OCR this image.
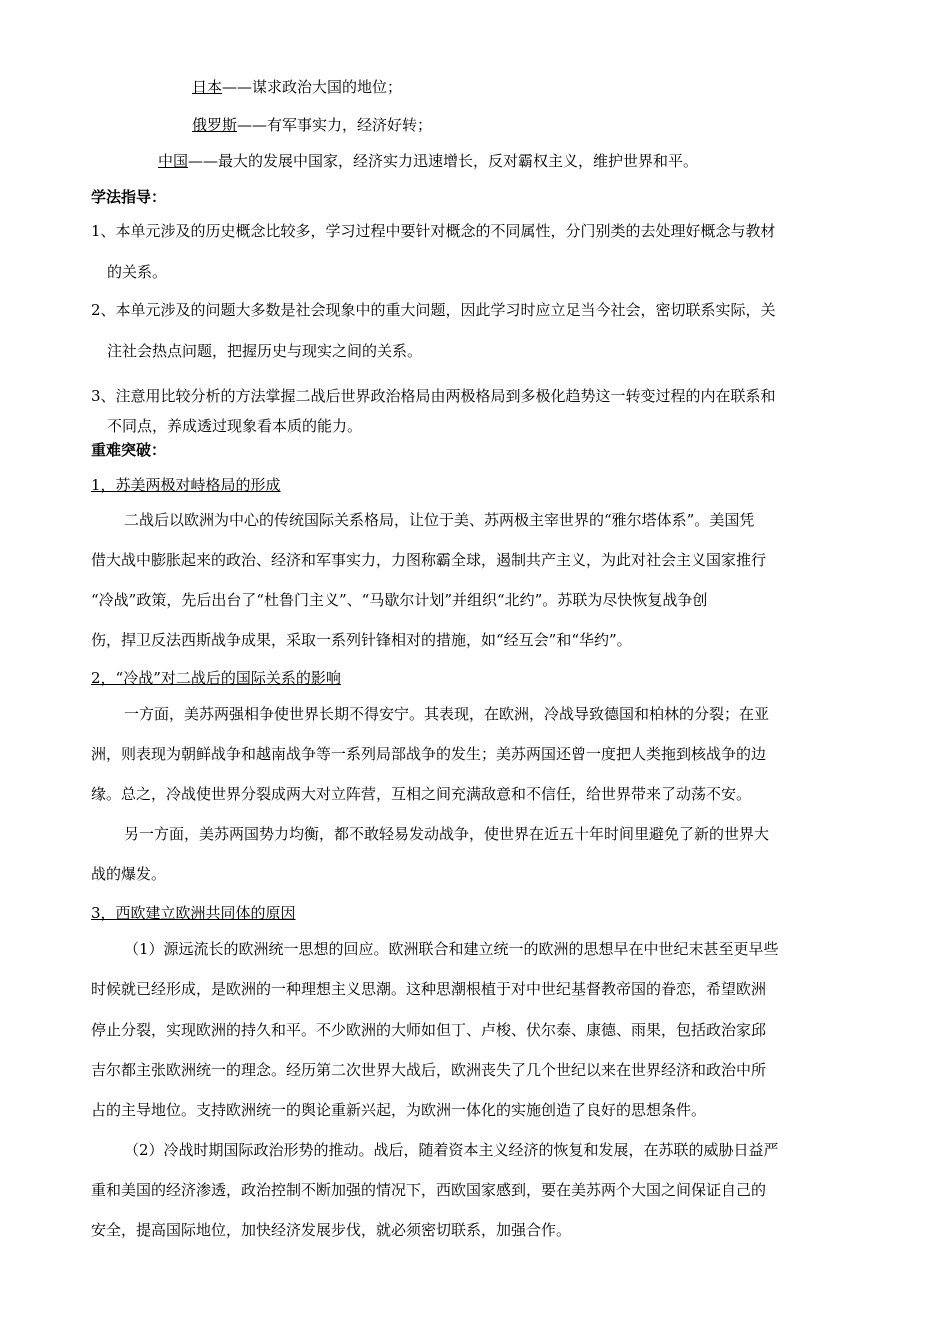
日本——谋求政治大国的地位；
俄罗斯——有军事实力，经济好转；
中国——最大的发展中国家，经济实力迅速增长，反对霸权主义，维护世界和平。
学法指导：
1、本单元涉及的历史概念比较多，学习过程中要针对概念的不同属性，分门别类的去处理好概念与教材
的关系。
2、本单元涉及的问题大多数是社会现象中的重大问题，因此学习时应立足当今社会，密切联系实际，关
注社会热点问题，把握历史与现实之间的关系。
3、注意用比较分析的方法掌握二战后世界政治格局由两极格局到多极化趋势这一转变过程的内在联系和
不同点，养成透过现象看本质的能力。
重难突破：
1，苏美两极对峙格局的形成
二战后以欧洲为中心的传统国际关系格局，让位于美、苏两极主宰世界的“雅尔塔体系”。美国凭
借大战中膨胀起来的政治、经济和军事实力，力图称霸全球，遏制共产主义，为此对社会主义国家推行
“冷战”政策，先后出台了“杜鲁门主义”、“马歇尔计划”并组织“北约”。苏联为尽快恢复战争创
伤，捍卫反法西斯战争成果，采取一系列针锋相对的措施，如“经互会”和“华约”。
2，“冷战”对二战后的国际关系的影响
一方面，美苏两强相争使世界长期不得安宁。其表现，在欧洲，冷战导致德国和柏林的分裂；在亚
洲，则表现为朝鲜战争和越南战争等一系列局部战争的发生；美苏两国还曾一度把人类拖到核战争的边
缘。总之，冷战使世界分裂成两大对立阵营，互相之间充满敌意和不信任，给世界带来了动荡不安。
另一方面，美苏两国势力均衡，都不敢轻易发动战争，使世界在近五十年时间里避免了新的世界大
战的爆发。
3，西欧建立欧洲共同体的原因
（1）源远流长的欧洲统一思想的回应。欧洲联合和建立统一的欧洲的思想早在中世纪末甚至更早些
时候就已经形成，是欧洲的一种理想主义思潮。这种思潮根植于对中世纪基督教帝国的眷恋，希望欧洲
停止分裂，实现欧洲的持久和平。不少欧洲的大师如但丁、卢梭、伏尔泰、康德、雨果，包括政治家邱
吉尔都主张欧洲统一的理念。经历第二次世界大战后，欧洲丧失了几个世纪以来在世界经济和政治中所
占的主导地位。支持欧洲统一的舆论重新兴起，为欧洲一体化的实施创造了良好的思想条件。
（2）冷战时期国际政治形势的推动。战后，随着资本主义经济的恢复和发展，在苏联的威胁日益严
重和美国的经济渗透，政治控制不断加强的情况下，西欧国家感到，要在美苏两个大国之间保证自己的
安全，提高国际地位，加快经济发展步伐，就必须密切联系，加强合作。
